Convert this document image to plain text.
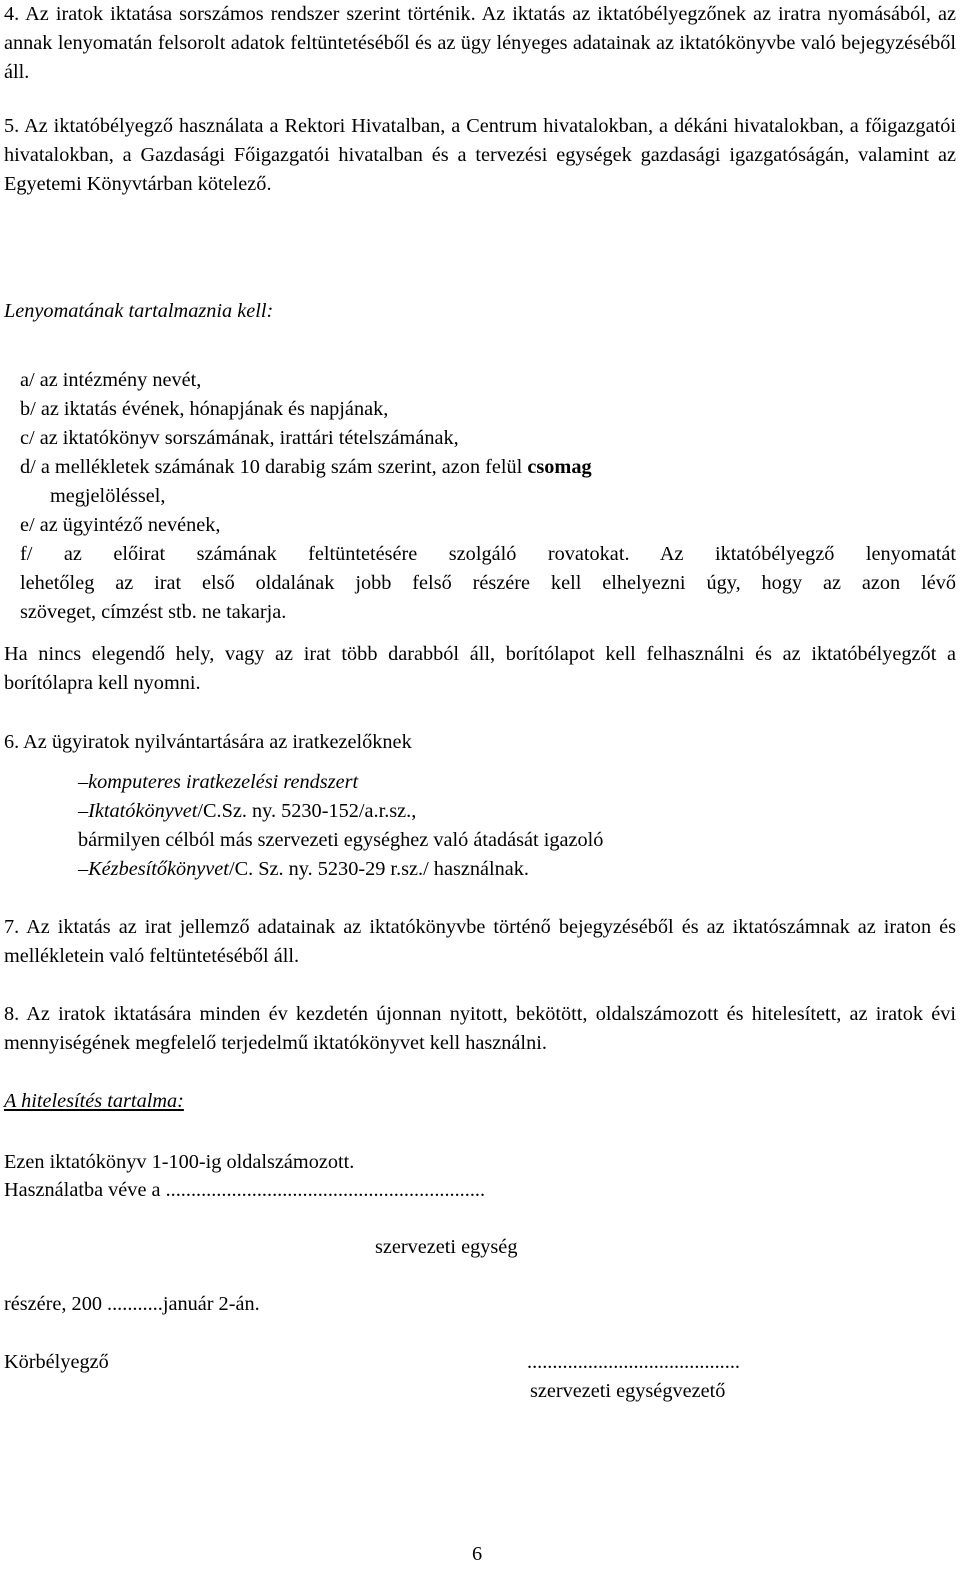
4. Az iratok iktatása sorszámos rendszer szerint történik. Az iktatás az iktatóbélyegzőnek az iratra nyomásából, az annak lenyomatán felsorolt adatok feltüntetéséből és az ügy lényeges adatainak az iktatókönyvbe való bejegyzéséből áll.

5. Az iktatóbélyegző használata a Rektori Hivatalban, a Centrum hivatalokban, a dékáni hivatalokban, a főigazgatói hivatalokban, a Gazdasági Főigazgatói hivatalban és a tervezési egységek gazdasági igazgatóságán, valamint az Egyetemi Könyvtárban kötelező.

Lenyomatának tartalmaznia kell:
a/ az intézmény nevét,
b/ az iktatás évének, hónapjának és napjának,
c/ az iktatókönyv sorszámának, irattári tételszámának,
d/ a mellékletek számának 10 darabig szám szerint, azon felül csomag
megjelöléssel,
e/ az ügyintéző nevének,
f/ az előirat számának feltüntetésére szolgáló rovatokat. Az iktatóbélyegző lenyomatát
lehetőleg az irat első oldalának jobb felső részére kell elhelyezni úgy, hogy az azon lévő
szöveget, címzést stb. ne takarja.

Ha nincs elegendő hely, vagy az irat több darabból áll, borítólapot kell felhasználni és az iktatóbélyegzőt a borítólapra kell nyomni.

6. Az ügyiratok nyilvántartására az iratkezelőknek
–komputeres iratkezelési rendszert
–Iktatókönyvet/C.Sz. ny. 5230-152/a.r.sz.,
bármilyen célból más szervezeti egységhez való átadását igazoló
–Kézbesítőkönyvet/C. Sz. ny. 5230-29 r.sz./ használnak.

7. Az iktatás az irat jellemző adatainak az iktatókönyvbe történő bejegyzéséből és az iktatószámnak az iraton és mellékletein való feltüntetéséből áll.

8. Az iratok iktatására minden év kezdetén újonnan nyitott, bekötött, oldalszámozott és hitelesített, az iratok évi mennyiségének megfelelő terjedelmű iktatókönyvet kell használni.

A hitelesítés tartalma:
Ezen iktatókönyv 1-100-ig oldalszámozott.
Használatba véve a ...............................................................
szervezeti egység
részére, 200 ...........január 2-án.
Körbélyegző	..........................................
szervezeti egységvezető
6
